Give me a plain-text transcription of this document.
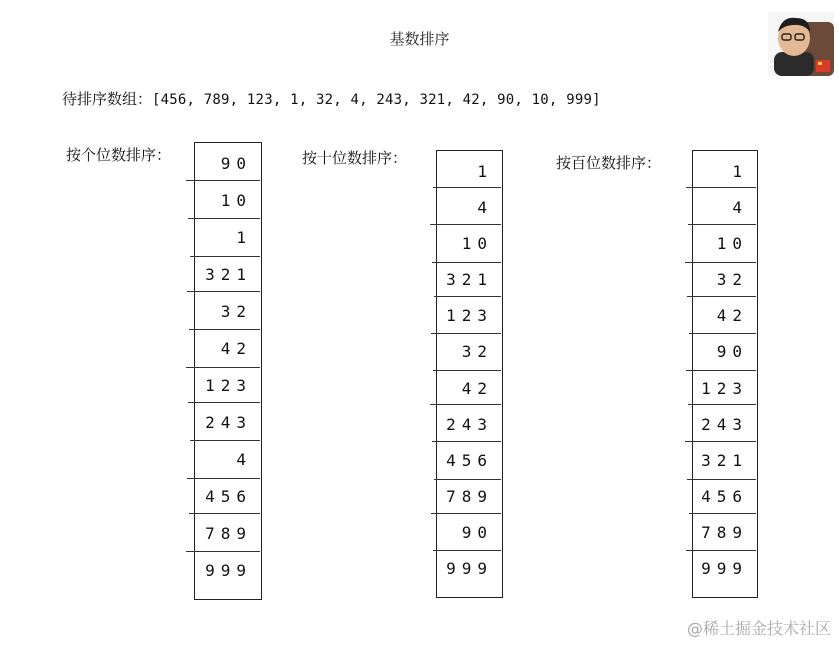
基数排序
待排序数组：[456, 789, 123, 1, 32, 4, 243, 321, 42, 90, 10, 999]
按个位数排序：	90
10
1
321
32
42
123
243
4
456
789
999
按十位数排序：
1
4
10
321
123
32
42
243
456
789
90
999
按百位数排序：	1
4
10
32
42
90
123
243
321
456
789
999
@稀土掘金技术社区
